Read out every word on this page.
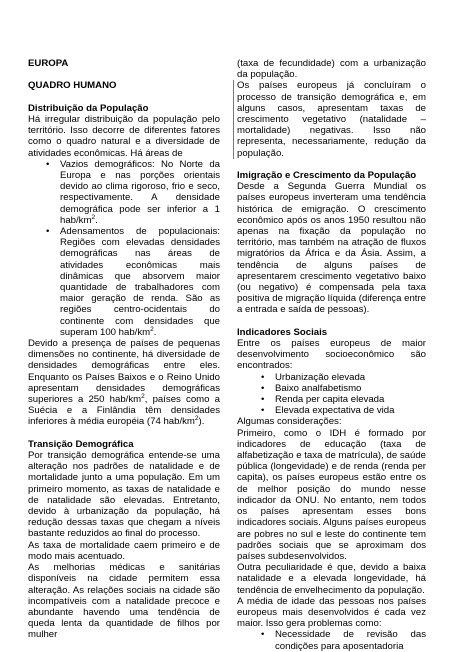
EUROPA
QUADRO HUMANO
Distribuição da População
Há irregular distribuição da população pelo território. Isso decorre de diferentes fatores como o quadro natural e a diversidade de atividades econômicas. Há áreas de
• Vazios demográficos: No Norte da Europa e nas porções orientais devido ao clima rigoroso, frio e seco, respectivamente. A densidade demográfica pode ser inferior a 1 hab/$km^2$.
• Adensamentos de populacionais: Regiões com elevadas densidades demográficas nas áreas de atividades econômicas mais dinâmicas que absorvem maior quantidade de trabalhadores com maior geração de renda. São as regiões centro-ocidentais do continente com densidades que superam 100 hab/$km^2$.
Devido a presença de países de pequenas dimensões no continente, há diversidade de densidades demográficas entre eles. Enquanto os Países Baixos e o Reino Unido apresentam densidades demográficas superiores a 250 hab/$km^2$, países como a Suécia e a Finlândia têm densidades inferiores à média européia (74 hab/$km^2$).
Transição Demográfica
Por transição demográfica entende-se uma alteração nos padrões de natalidade e de mortalidade junto a uma população. Em um primeiro momento, as taxas de natalidade e de natalidade são elevadas. Entretanto, devido à urbanização da população, há redução dessas taxas que chegam a níveis bastante reduzidos ao final do processo.
As taxa de mortalidade caem primeiro e de modo mais acentuado.
As melhorias médicas e sanitárias disponíveis na cidade permitem essa alteração. As relações sociais na cidade são incompatíveis com a natalidade precoce e abundante havendo uma tendência de queda lenta da quantidade de filhos por mulher
(taxa de fecundidade) com a urbanização da população.
Os países europeus já concluíram o processo de transição demográfica e, em alguns casos, apresentam taxas de crescimento vegetativo (natalidade – mortalidade) negativas. Isso não representa, necessariamente, redução da população.
Imigração e Crescimento da População
Desde a Segunda Guerra Mundial os países europeus inverteram uma tendência histórica de emigração. O crescimento econômico após os anos 1950 resultou não apenas na fixação da população no território, mas também na atração de fluxos migratórios da África e da Ásia. Assim, a tendência de alguns países de apresentarem crescimento vegetativo baixo (ou negativo) é compensada pela taxa positiva de migração líquida (diferença entre a entrada e saída de pessoas).
Indicadores Sociais
Entre os países europeus de maior desenvolvimento socioeconômico são encontrados:
• Urbanização elevada
• Baixo analfabetismo
• Renda per capita elevada
• Elevada expectativa de vida
Algumas considerações:
Primeiro, como o IDH é formado por indicadores de educação (taxa de alfabetização e taxa de matrícula), de saúde pública (longevidade) e de renda (renda per capita), os países europeus estão entre os de melhor posição do mundo nesse indicador da ONU. No entanto, nem todos os países apresentam esses bons indicadores sociais. Alguns países europeus are pobres no sul e leste do continente tem padrões sociais que se aproximam dos países subdesenvolvidos.
Outra peculiaridade é que, devido a baixa natalidade e a elevada longevidade, há tendência de envelhecimento da população.
A média de idade das pessoas nos países europeus mais desenvolvidos é cada vez maior. Isso gera problemas como:
• Necessidade de revisão das condições para aposentadoria
